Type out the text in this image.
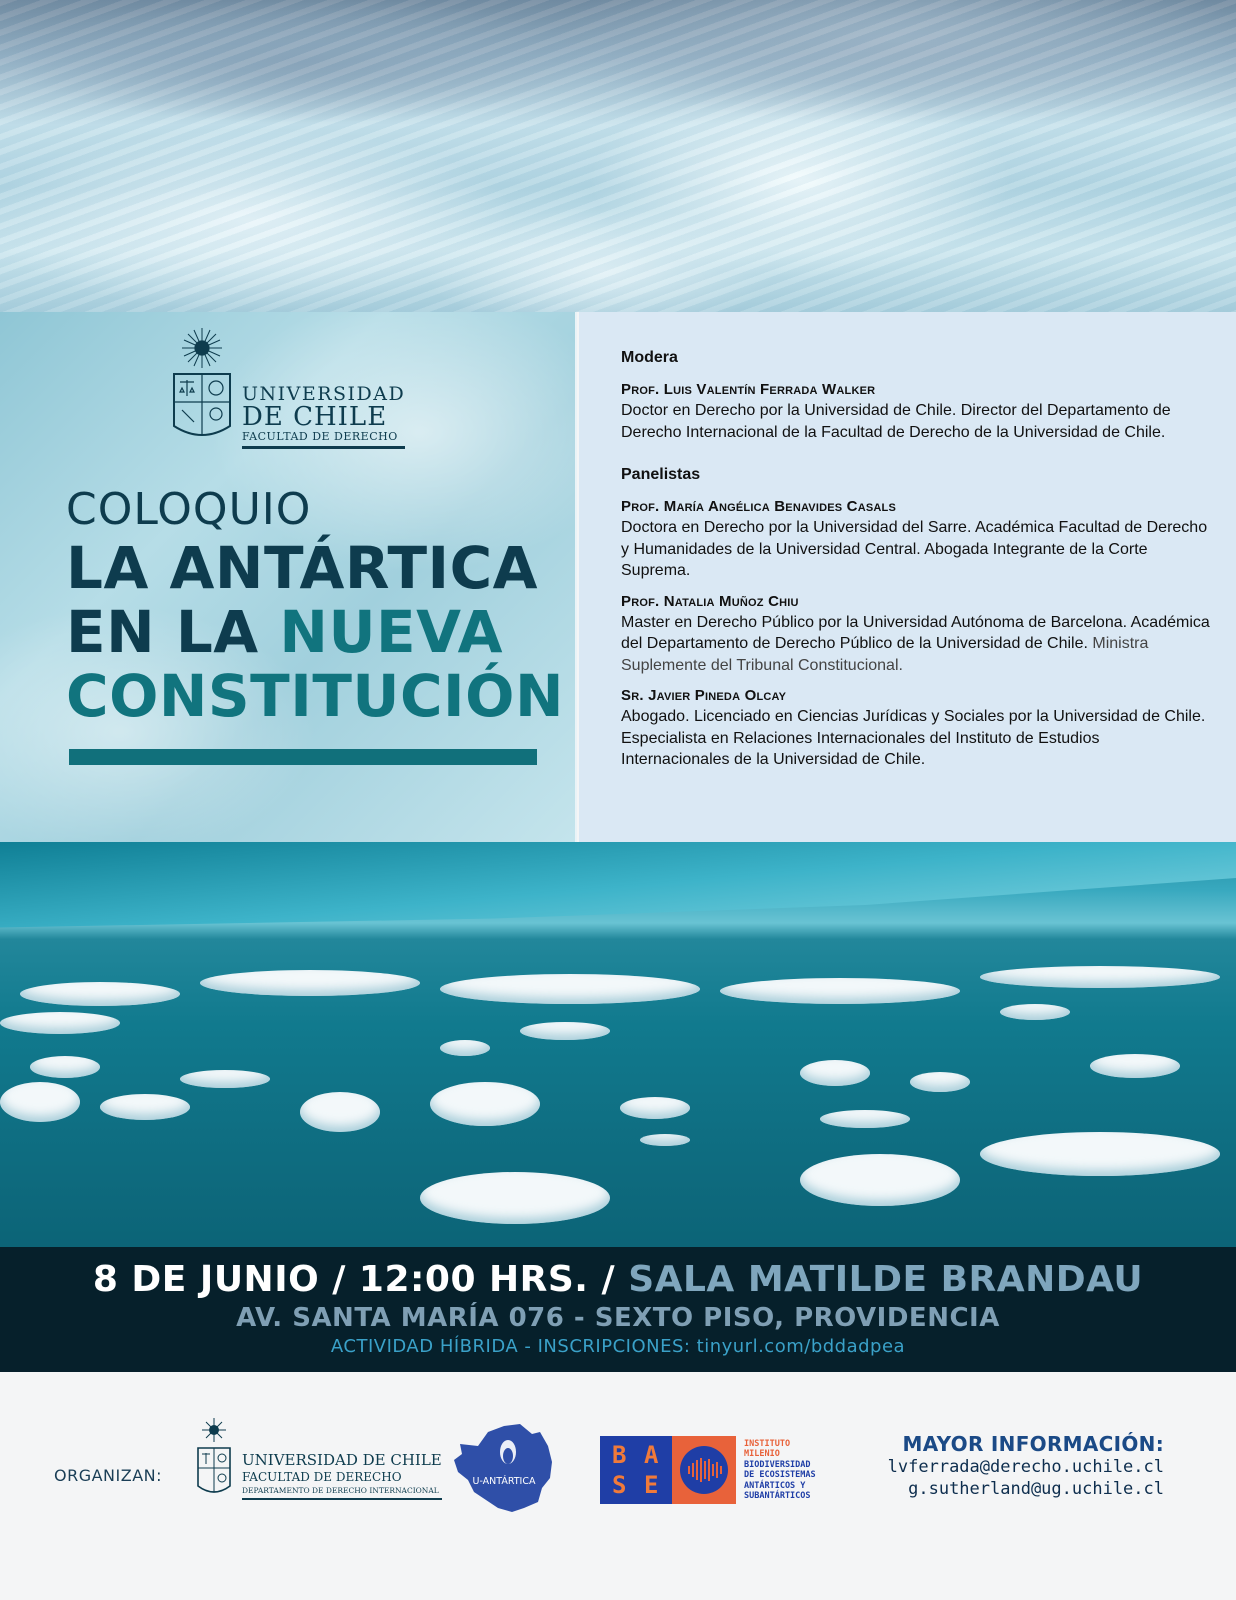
UNIVERSIDAD
DE CHILE
FACULTAD DE DERECHO
COLOQUIO
LA ANTÁRTICA
EN LA NUEVA
CONSTITUCIÓN
Modera
Prof. Luis Valentín Ferrada Walker
Doctor en Derecho por la Universidad de Chile. Director del Departamento de Derecho Internacional de la Facultad de Derecho de la Universidad de Chile.
Panelistas
Prof. María Angélica Benavides Casals
Doctora en Derecho por la Universidad del Sarre. Académica Facultad de Derecho y Humanidades de la Universidad Central. Abogada Integrante de la Corte Suprema.
Prof. Natalia Muñoz Chiu
Master en Derecho Público por la Universidad Autónoma de Barcelona. Académica del Departamento de Derecho Público de la Universidad de Chile. Ministra Suplemente del Tribunal Constitucional.
Sr. Javier Pineda Olcay
Abogado. Licenciado en Ciencias Jurídicas y Sociales por la Universidad de Chile. Especialista en Relaciones Internacionales del Instituto de Estudios Internacionales de la Universidad de Chile.
8 DE JUNIO / 12:00 HRS. / SALA MATILDE BRANDAU
AV. SANTA MARÍA 076 - SEXTO PISO, PROVIDENCIA
ACTIVIDAD HÍBRIDA - INSCRIPCIONES: tinyurl.com/bddadpea
ORGANIZAN:
UNIVERSIDAD DE CHILE
FACULTAD DE DERECHO
DEPARTAMENTO DE DERECHO INTERNACIONAL
U-ANTÁRTICA
B A
S E
INSTITUTO
MILENIO
BIODIVERSIDAD
DE ECOSISTEMAS
ANTÁRTICOS Y
SUBANTÁRTICOS
MAYOR INFORMACIÓN:
lvferrada@derecho.uchile.cl
g.sutherland@ug.uchile.cl
